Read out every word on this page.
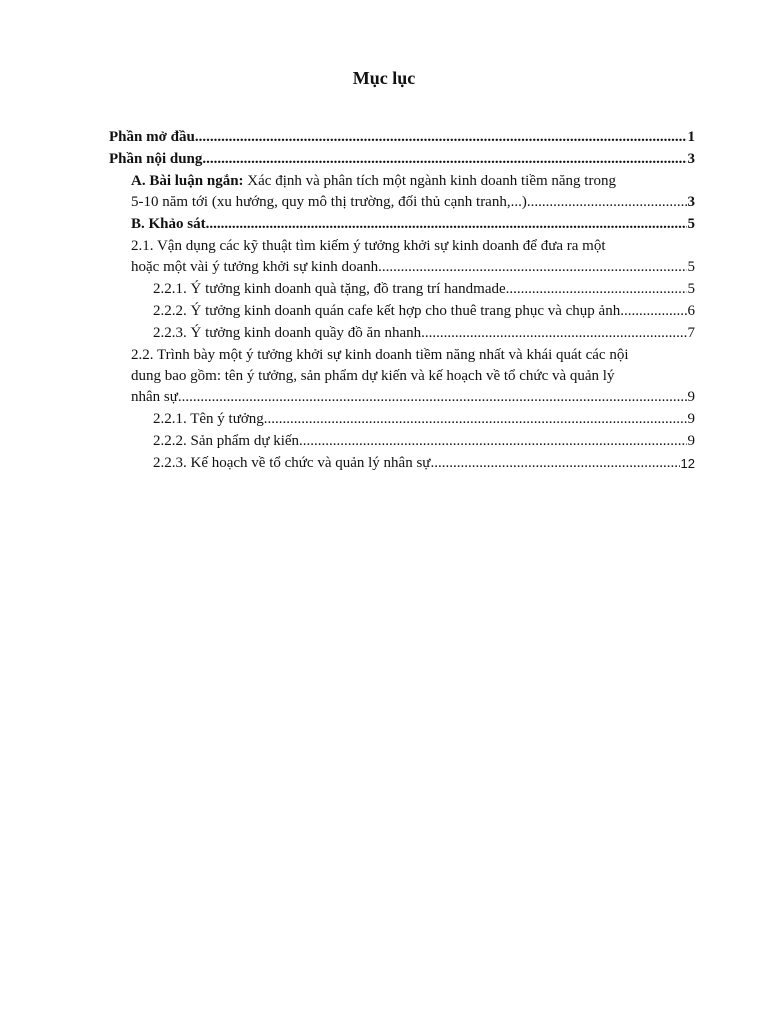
Mục lục
Phần mở đầu .....	1
Phần nội dung .....	3
A. Bài luận ngắn: Xác định và phân tích một ngành kinh doanh tiềm năng trong
5-10 năm tới (xu hướng, quy mô thị trường, đối thủ cạnh tranh,...) .....	3
B. Khảo sát .....	5
2.1. Vận dụng các kỹ thuật tìm kiếm ý tưởng khởi sự kinh doanh để đưa ra một
hoặc một vài ý tưởng khởi sự kinh doanh .....	5
2.2.1. Ý tưởng kinh doanh quà tặng, đồ trang trí handmade .....	5
2.2.2. Ý tưởng kinh doanh quán cafe kết hợp cho thuê trang phục và chụp ảnh .....	6
2.2.3. Ý tưởng kinh doanh quầy đồ ăn nhanh .....	7
2.2. Trình bày một ý tưởng khởi sự kinh doanh tiềm năng nhất và khái quát các nội
dung bao gồm: tên ý tưởng, sản phẩm dự kiến và kế hoạch về tổ chức và quản lý
nhân sự .....	9
2.2.1. Tên ý tưởng .....	9
2.2.2. Sản phẩm dự kiến .....	9
2.2.3. Kế hoạch về tổ chức và quản lý nhân sự .....	12
